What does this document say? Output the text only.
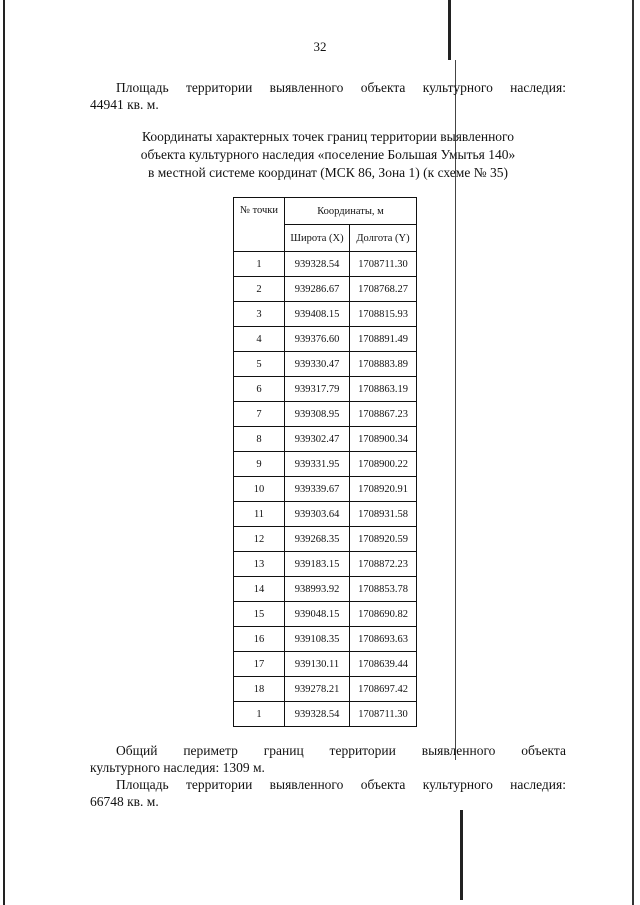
32
Площадь территории выявленного объекта культурного наследия:
44941 кв. м.
Координаты характерных точек границ территории выявленного
объекта культурного наследия «поселение Большая Умытья 140»
в местной системе координат (МСК 86, Зона 1) (к схеме № 35)
№ точки	Координаты, м	
	Широта (X)	Долгота (Y)
1	939328.54	1708711.30
2	939286.67	1708768.27
3	939408.15	1708815.93
4	939376.60	1708891.49
5	939330.47	1708883.89
6	939317.79	1708863.19
7	939308.95	1708867.23
8	939302.47	1708900.34
9	939331.95	1708900.22
10	939339.67	1708920.91
11	939303.64	1708931.58
12	939268.35	1708920.59
13	939183.15	1708872.23
14	938993.92	1708853.78
15	939048.15	1708690.82
16	939108.35	1708693.63
17	939130.11	1708639.44
18	939278.21	1708697.42
1	939328.54	1708711.30
Общий периметр границ территории выявленного объекта
культурного наследия: 1309 м.
Площадь территории выявленного объекта культурного наследия:
66748 кв. м.
